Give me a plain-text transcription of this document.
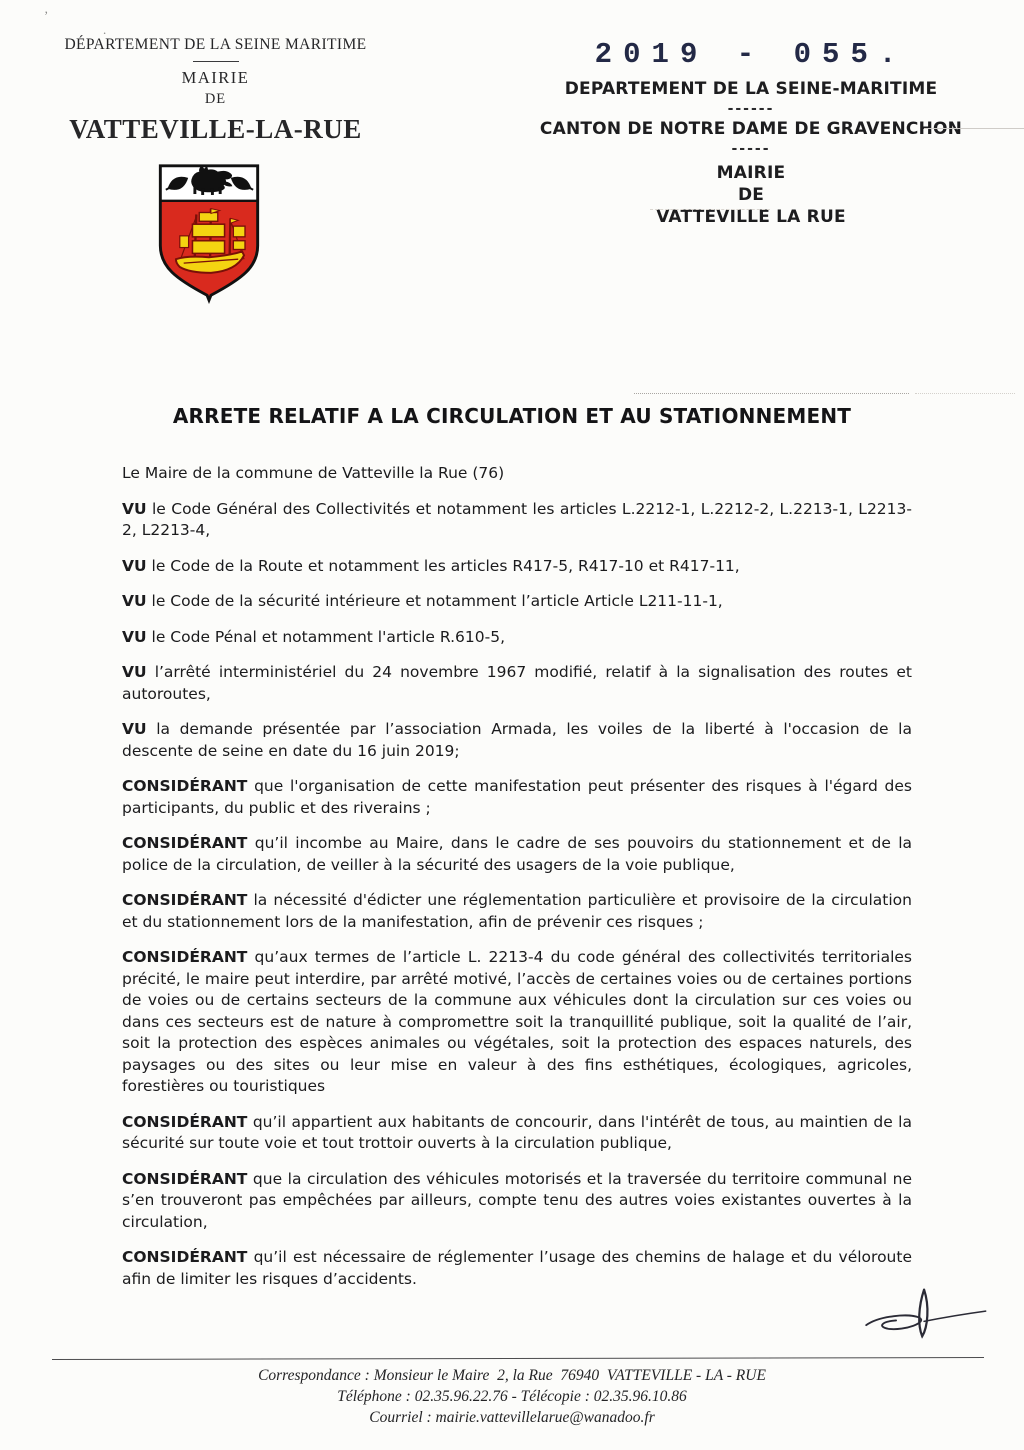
’
.
DÉPARTEMENT DE LA SEINE MARITIME
MAIRIE
DE
VATTEVILLE-LA-RUE
2019 - 055.
DEPARTEMENT DE LA SEINE-MARITIME
------
CANTON DE NOTRE DAME DE GRAVENCHON
-----
MAIRIE
DE
VATTEVILLE LA RUE
ARRETE RELATIF A LA CIRCULATION ET AU STATIONNEMENT

Le Maire de la commune de Vatteville la Rue (76)

VU le Code Général des Collectivités et notamment les articles L.2212-1, L.2212-2, L.2213-1, L2213-2, L2213-4,

VU le Code de la Route et notamment les articles R417-5, R417-10 et R417-11,

VU le Code de la sécurité intérieure et notamment l’article Article L211-11-1,

VU le Code Pénal et notamment l'article R.610-5,

VU l’arrêté interministériel du 24 novembre 1967 modifié, relatif à la signalisation des routes et autoroutes,

VU la demande présentée par l’association Armada, les voiles de la liberté à l'occasion de la descente de seine en date du 16 juin 2019;

CONSIDÉRANT que l'organisation de cette manifestation peut présenter des risques à l'égard des participants, du public et des riverains ;

CONSIDÉRANT qu’il incombe au Maire, dans le cadre de ses pouvoirs du stationnement et de la police de la circulation, de veiller à la sécurité des usagers de la voie publique,

CONSIDÉRANT la nécessité d'édicter une réglementation particulière et provisoire de la circulation et du stationnement lors de la manifestation, afin de prévenir ces risques ;

CONSIDÉRANT qu’aux termes de l’article L. 2213-4 du code général des collectivités territoriales précité, le maire peut interdire, par arrêté motivé, l’accès de certaines voies ou de certaines portions de voies ou de certains secteurs de la commune aux véhicules dont la circulation sur ces voies ou dans ces secteurs est de nature à compromettre soit la tranquillité publique, soit la qualité de l’air, soit la protection des espèces animales ou végétales, soit la protection des espaces naturels, des paysages ou des sites ou leur mise en valeur à des fins esthétiques, écologiques, agricoles, forestières ou touristiques

CONSIDÉRANT qu’il appartient aux habitants de concourir, dans l'intérêt de tous, au maintien de la sécurité sur toute voie et tout trottoir ouverts à la circulation publique,

CONSIDÉRANT que la circulation des véhicules motorisés et la traversée du territoire communal ne s’en trouveront pas empêchées par ailleurs, compte tenu des autres voies existantes ouvertes à la circulation,

CONSIDÉRANT qu’il est nécessaire de réglementer l’usage des chemins de halage et du véloroute afin de limiter les risques d’accidents.

Correspondance : Monsieur le Maire  2, la Rue  76940  VATTEVILLE - LA - RUE

Téléphone : 02.35.96.22.76 - Télécopie : 02.35.96.10.86

Courriel : mairie.vattevillelarue@wanadoo.fr
